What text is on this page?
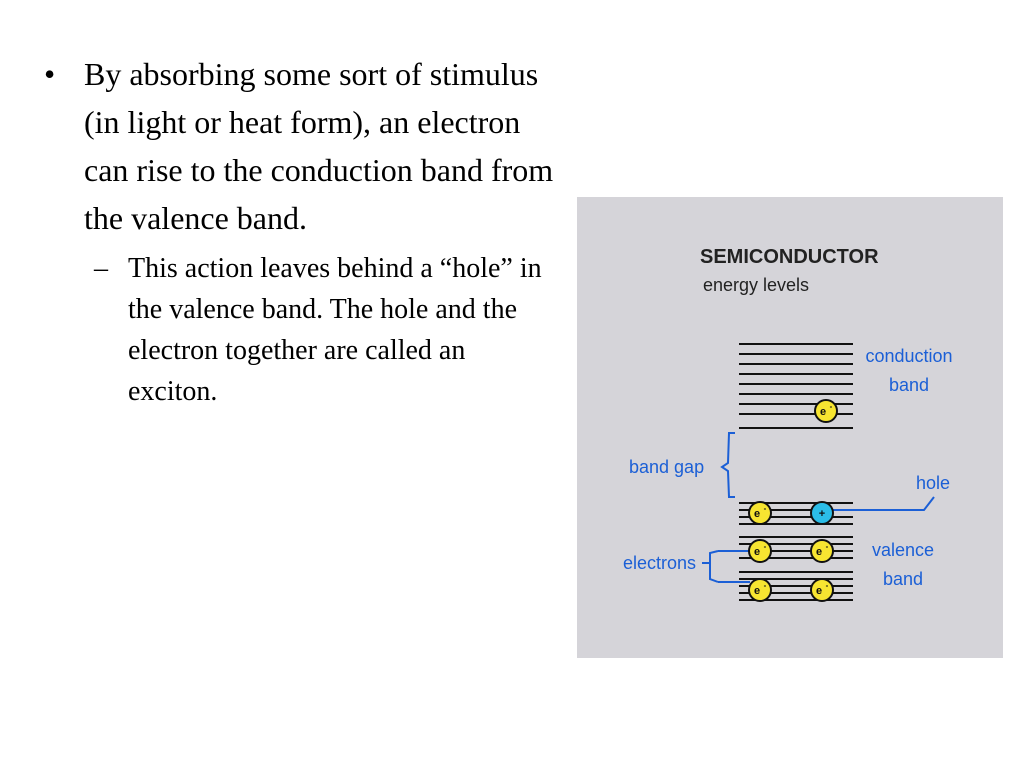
• By absorbing some sort of stimulus (in light or heat form), an electron can rise to the conduction band from the valence band.
– This action leaves behind a “hole” in the valence band. The hole and the electron together are called an exciton.
SEMICONDUCTOR
energy levels
conduction
band
e -
band gap
hole
valence
band
electrons
e -	+
e -	e -
e -	e -
